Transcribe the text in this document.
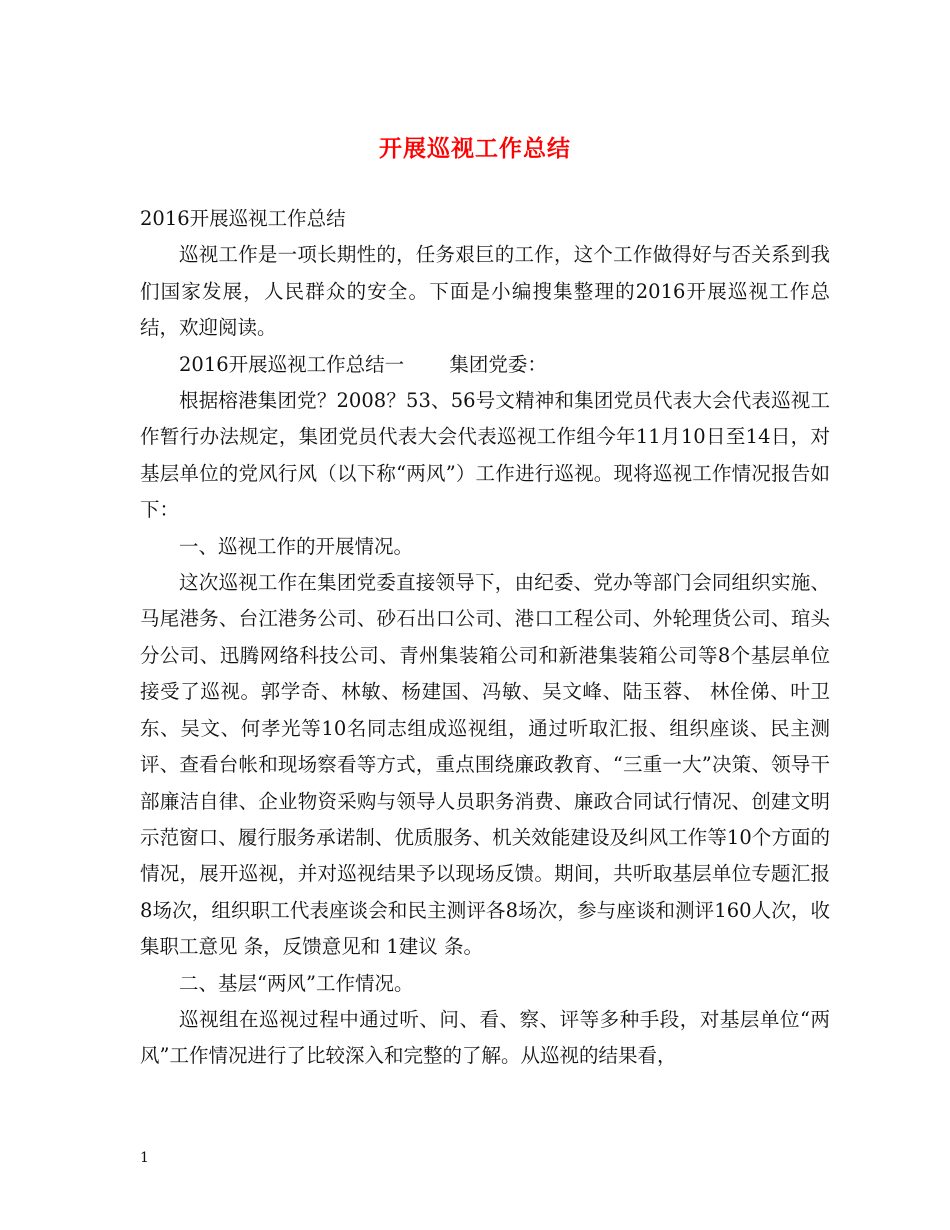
开展巡视工作总结

2016开展巡视工作总结

巡视工作是一项长期性的，任务艰巨的工作，这个工作做得好与否关系到我们国家发展，人民群众的安全。下面是小编搜集整理的2016开展巡视工作总结，欢迎阅读。

2016开展巡视工作总结一　　 集团党委：

根据榕港集团党？2008？53、56号文精神和集团党员代表大会代表巡视工作暂行办法规定，集团党员代表大会代表巡视工作组今年11月10日至14日，对基层单位的党风行风（以下称“两风”）工作进行巡视。现将巡视工作情况报告如下：

一、巡视工作的开展情况。

这次巡视工作在集团党委直接领导下，由纪委、党办等部门会同组织实施、马尾港务、台江港务公司、砂石出口公司、港口工程公司、外轮理货公司、琯头分公司、迅腾网络科技公司、青州集装箱公司和新港集装箱公司等8个基层单位接受了巡视。郭学奇、林敏、杨建国、冯敏、吴文峰、陆玉蓉、 林佺俤、叶卫东、吴文、何孝光等10名同志组成巡视组，通过听取汇报、组织座谈、民主测评、查看台帐和现场察看等方式，重点围绕廉政教育、“三重一大”决策、领导干部廉洁自律、企业物资采购与领导人员职务消费、廉政合同试行情况、创建文明示范窗口、履行服务承诺制、优质服务、机关效能建设及纠风工作等10个方面的情况，展开巡视，并对巡视结果予以现场反馈。期间，共听取基层单位专题汇报8场次，组织职工代表座谈会和民主测评各8场次，参与座谈和测评160人次，收集职工意见 条，反馈意见和 1建议 条。

二、基层“两风”工作情况。

巡视组在巡视过程中通过听、问、看、察、评等多种手段，对基层单位“两风”工作情况进行了比较深入和完整的了解。从巡视的结果看，

1
